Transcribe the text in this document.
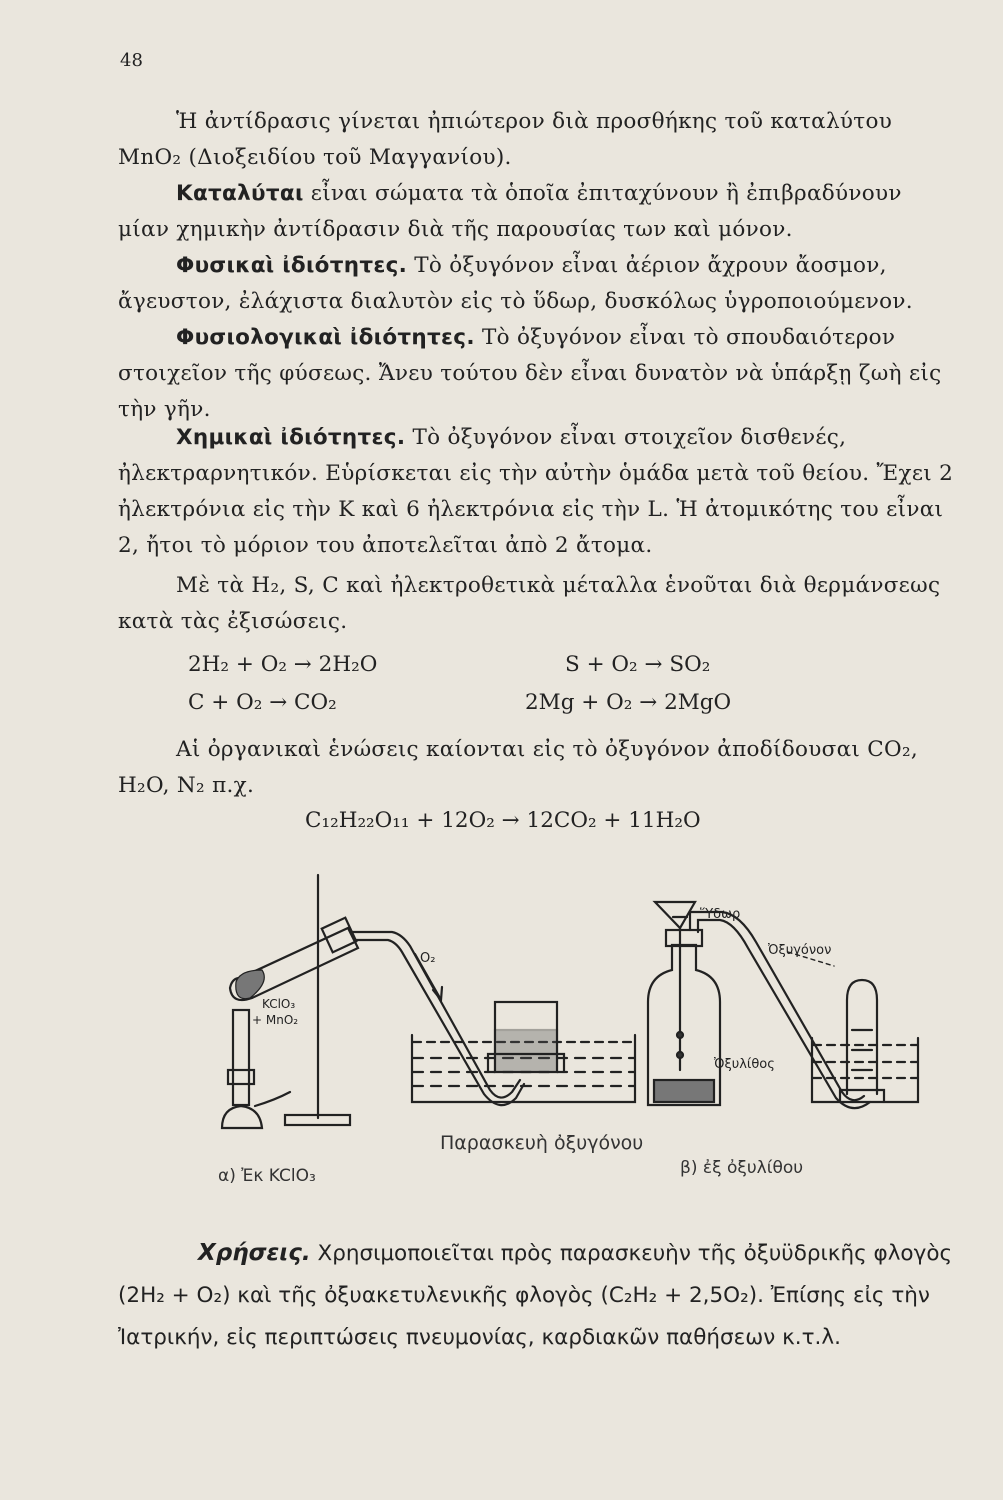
48

Ἡ ἀντίδρασις γίνεται ἠπιώτερον διὰ προσθήκης τοῦ καταλύτου MnO₂ (Διοξειδίου τοῦ Μαγγανίου).

Καταλύται εἶναι σώματα τὰ ὁποῖα ἐπιταχύνουν ἢ ἐπιβραδύνουν μίαν χημικὴν ἀντίδρασιν διὰ τῆς παρουσίας των καὶ μόνον.

Φυσικαὶ ἰδιότητες. Τὸ ὀξυγόνον εἶναι ἀέριον ἄχρουν ἄοσμον, ἄγευστον, ἐλάχιστα διαλυτὸν εἰς τὸ ὕδωρ, δυσκόλως ὑγροποιούμενον.

Φυσιολογικαὶ ἰδιότητες. Τὸ ὀξυγόνον εἶναι τὸ σπουδαιότερον στοιχεῖον τῆς φύσεως. Ἄνευ τούτου δὲν εἶναι δυνατὸν νὰ ὑπάρξῃ ζωὴ εἰς τὴν γῆν.

Χημικαὶ ἰδιότητες. Τὸ ὀξυγόνον εἶναι στοιχεῖον δισθενές, ἠλεκτραρνητικόν. Εὑρίσκεται εἰς τὴν αὐτὴν ὁμάδα μετὰ τοῦ θείου. Ἔχει 2 ἠλεκτρόνια εἰς τὴν K καὶ 6 ἠλεκτρόνια εἰς τὴν L. Ἡ ἀτομικότης του εἶναι 2, ἤτοι τὸ μόριον του ἀποτελεῖται ἀπὸ 2 ἄτομα.

Μὲ τὰ H₂, S, C καὶ ἠλεκτροθετικὰ μέταλλα ἑνοῦται διὰ θερμάνσεως κατὰ τὰς ἐξισώσεις.

2H₂ + O₂ → 2H₂O	S + O₂ → SO₂
C + O₂ → CO₂	2Mg + O₂ → 2MgO

Αἱ ὀργανικαὶ ἑνώσεις καίονται εἰς τὸ ὀξυγόνον ἀποδίδουσαι CO₂, H₂O, N₂ π.χ.

C₁₂H₂₂O₁₁ + 12O₂ → 12CO₂ + 11H₂O
KClO₃
+ MnO₂
O₂
Ὕδωρ
Ὀξυγόνον
Ὀξυλίθος
Παρασκευὴ ὀξυγόνου
α) Ἐκ KClO₃	β) ἐξ ὀξυλίθου

Χρήσεις. Χρησιμοποιεῖται πρὸς παρασκευὴν τῆς ὀξυϋδρικῆς φλογὸς (2H₂ + O₂) καὶ τῆς ὀξυακετυλενικῆς φλογὸς (C₂H₂ + 2,5O₂). Ἐπίσης εἰς τὴν Ἰατρικήν, εἰς περιπτώσεις πνευμονίας, καρδιακῶν παθήσεων κ.τ.λ.
